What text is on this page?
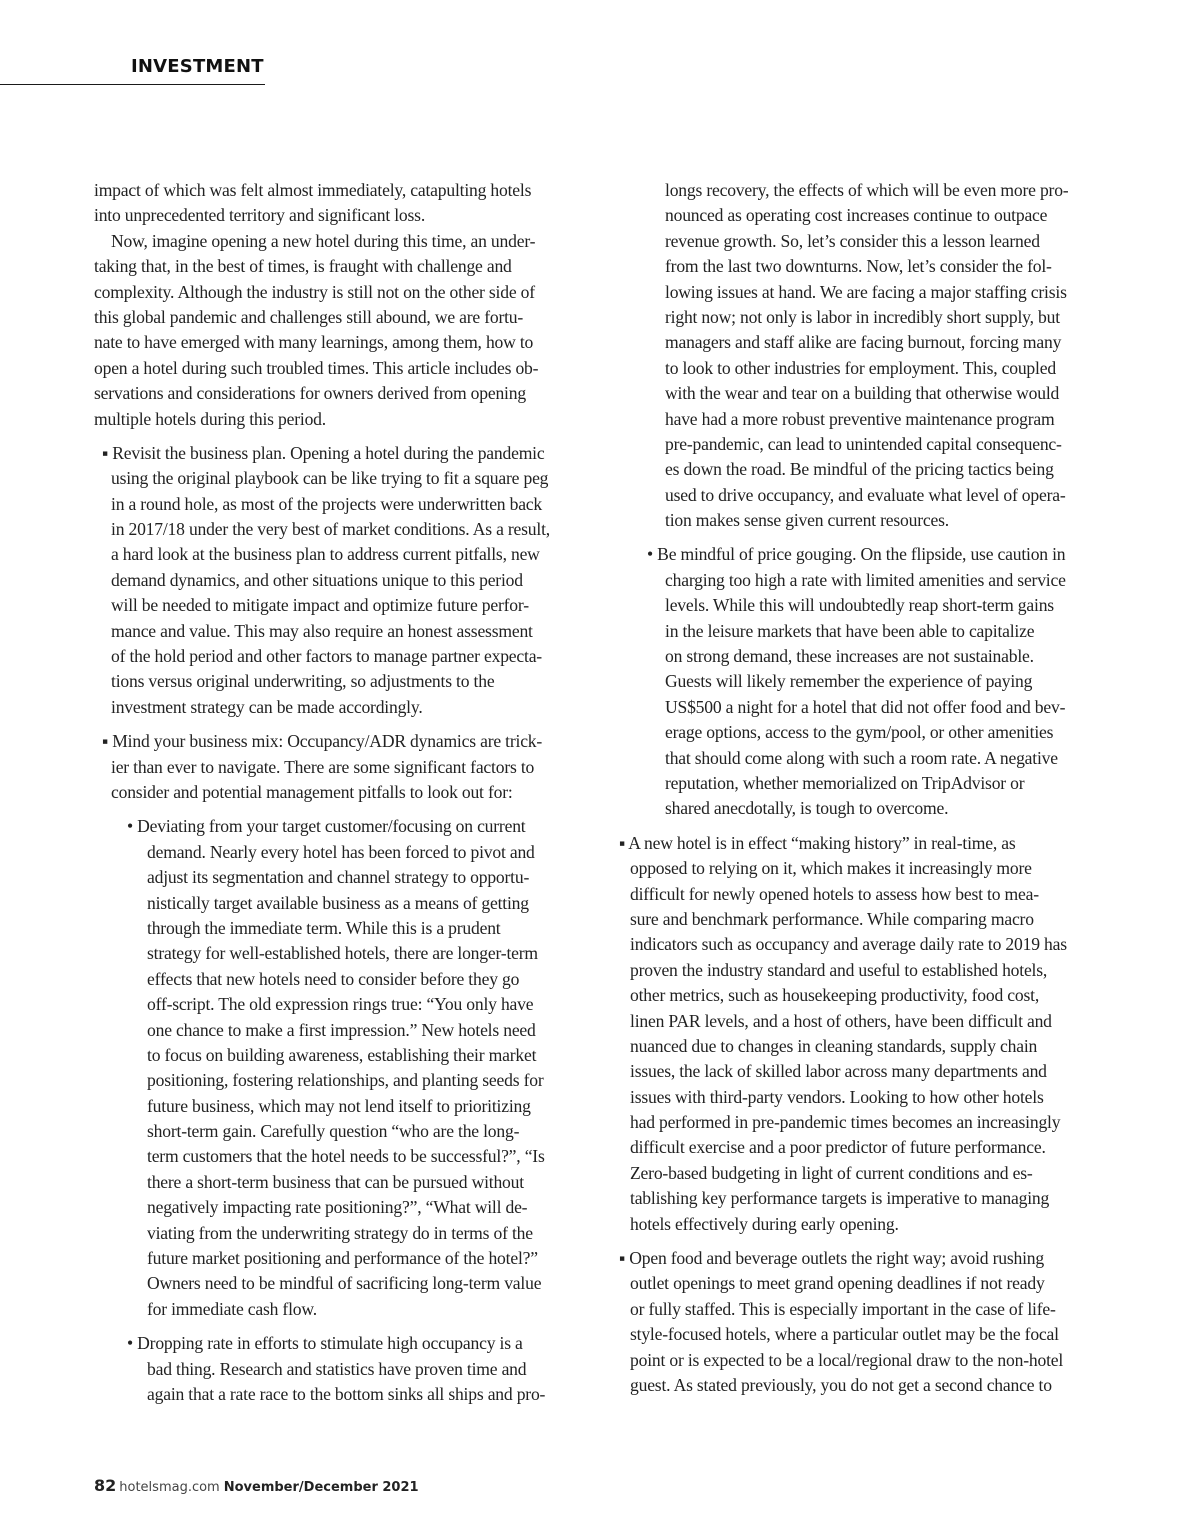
INVESTMENT
impact of which was felt almost immediately, catapulting hotels
into unprecedented territory and significant loss.
Now, imagine opening a new hotel during this time, an under-
taking that, in the best of times, is fraught with challenge and
complexity. Although the industry is still not on the other side of
this global pandemic and challenges still abound, we are fortu-
nate to have emerged with many learnings, among them, how to
open a hotel during such troubled times. This article includes ob-
servations and considerations for owners derived from opening
multiple hotels during this period.
▪ Revisit the business plan. Opening a hotel during the pandemic
using the original playbook can be like trying to fit a square peg
in a round hole, as most of the projects were underwritten back
in 2017/18 under the very best of market conditions. As a result,
a hard look at the business plan to address current pitfalls, new
demand dynamics, and other situations unique to this period
will be needed to mitigate impact and optimize future perfor-
mance and value. This may also require an honest assessment
of the hold period and other factors to manage partner expecta-
tions versus original underwriting, so adjustments to the
investment strategy can be made accordingly.
▪ Mind your business mix: Occupancy/ADR dynamics are trick-
ier than ever to navigate. There are some significant factors to
consider and potential management pitfalls to look out for:
• Deviating from your target customer/focusing on current
demand. Nearly every hotel has been forced to pivot and
adjust its segmentation and channel strategy to opportu-
nistically target available business as a means of getting
through the immediate term. While this is a prudent
strategy for well-established hotels, there are longer-term
effects that new hotels need to consider before they go
off-script. The old expression rings true: “You only have
one chance to make a first impression.” New hotels need
to focus on building awareness, establishing their market
positioning, fostering relationships, and planting seeds for
future business, which may not lend itself to prioritizing
short-term gain. Carefully question “who are the long-
term customers that the hotel needs to be successful?”, “Is
there a short-term business that can be pursued without
negatively impacting rate positioning?”, “What will de-
viating from the underwriting strategy do in terms of the
future market positioning and performance of the hotel?”
Owners need to be mindful of sacrificing long-term value
for immediate cash flow.
• Dropping rate in efforts to stimulate high occupancy is a
bad thing. Research and statistics have proven time and
again that a rate race to the bottom sinks all ships and pro-
longs recovery, the effects of which will be even more pro-
nounced as operating cost increases continue to outpace
revenue growth. So, let’s consider this a lesson learned
from the last two downturns. Now, let’s consider the fol-
lowing issues at hand. We are facing a major staffing crisis
right now; not only is labor in incredibly short supply, but
managers and staff alike are facing burnout, forcing many
to look to other industries for employment. This, coupled
with the wear and tear on a building that otherwise would
have had a more robust preventive maintenance program
pre-pandemic, can lead to unintended capital consequenc-
es down the road. Be mindful of the pricing tactics being
used to drive occupancy, and evaluate what level of opera-
tion makes sense given current resources.
• Be mindful of price gouging. On the flipside, use caution in
charging too high a rate with limited amenities and service
levels. While this will undoubtedly reap short-term gains
in the leisure markets that have been able to capitalize
on strong demand, these increases are not sustainable.
Guests will likely remember the experience of paying
US$500 a night for a hotel that did not offer food and bev-
erage options, access to the gym/pool, or other amenities
that should come along with such a room rate. A negative
reputation, whether memorialized on TripAdvisor or
shared anecdotally, is tough to overcome.
▪ A new hotel is in effect “making history” in real-time, as
opposed to relying on it, which makes it increasingly more
difficult for newly opened hotels to assess how best to mea-
sure and benchmark performance. While comparing macro
indicators such as occupancy and average daily rate to 2019 has
proven the industry standard and useful to established hotels,
other metrics, such as housekeeping productivity, food cost,
linen PAR levels, and a host of others, have been difficult and
nuanced due to changes in cleaning standards, supply chain
issues, the lack of skilled labor across many departments and
issues with third-party vendors. Looking to how other hotels
had performed in pre-pandemic times becomes an increasingly
difficult exercise and a poor predictor of future performance.
Zero-based budgeting in light of current conditions and es-
tablishing key performance targets is imperative to managing
hotels effectively during early opening.
▪ Open food and beverage outlets the right way; avoid rushing
outlet openings to meet grand opening deadlines if not ready
or fully staffed. This is especially important in the case of life-
style-focused hotels, where a particular outlet may be the focal
point or is expected to be a local/regional draw to the non-hotel
guest. As stated previously, you do not get a second chance to
82 hotelsmag.com November/December 2021
